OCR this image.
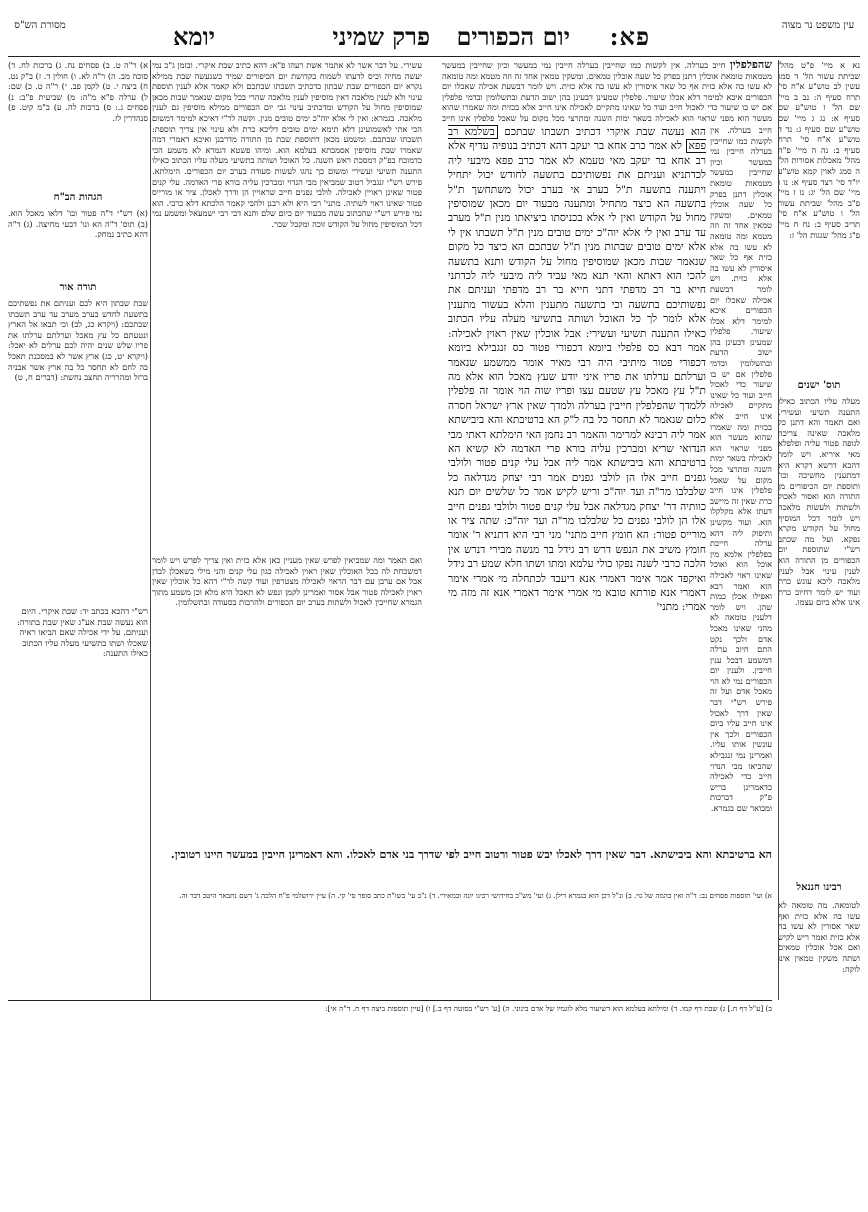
עין משפט נר מצוה
פא:
יום הכפורים
פרק שמיני
יומא
מסורת הש"ס

נא א מיי' פ"ט מהל' שביתת עשור הל' ד סמג עשין לב טוש"ע א"ח סי' תרח סעיף ה: נב ב מיי' שם הל' ז טוש"ע שם סעיף א: נג ג מיי' שם טוש"ע שם סעיף ג: נד ד טוש"ע א"ח סי' תרח סעיף ב: נה ה מיי' פ"ה מהל' מאכלות אסורות הל' ה סמג לאוין קמא טוש"ע יו"ד סי' רצד סעיף א: נו ו מיי' שם הל' יג: נז ז מיי' פ"ב מהל' שביתת עשור הל' ו טוש"ע א"ח סי' תריב סעיף ב: נח ח מיי' פ"ג מהל' שגגות הל' ז:

תוס' ישנים

מעלה עליו הכתוב כאילו התענה תשיעי ועשירי. ואם תאמר והא דתנן כל מלאכה שאינה צריכה לגופה פטור עליה ופלפלא מאי איריא. ויש לומר דהכא דרשא דקרא היא דמתענין מחשיכה וכו' ותוספת יום הכיפורים מן התורה הוא ואסור לאכול ולשתות ולעשות מלאכה ויש לומר דכל המוסיף מחול על הקודש מקרא נפקא. ועל מה שכתב רש"י שתוספת יום הכפורים מן התורה הוא לענין עינוי אבל לענין מלאכה ליכא עונש כרת ועוד יש לומר דחיוב כרת אינו אלא ביום עצמו.

רבינו חננאל

לטומאה. מה טומאה לא עשו בה אלא כזית ואף שאר אסורין לא עשו בה אלא כזית ואמר ריש לקיש ואם אכל אוכלין טמאים ושתה משקין טמאין אינו לוקה:

שהפלפלין חייב בערלה. אין לקשות כמו שחייבין בערלה חייבין נמי במעשר וכיון שחייבין במעשר מטמאות טומאת אוכלין דתנן בפרק כל שעה אוכלין טמאים. ומשקין טמאין אחד זה וזה מטמא ומה טומאה לא עשו בה אלא כזית אף כל שאר איסורין לא עשו בה אלא כזית. ויש לומר דבשעת אכילה שאכלו יום הכפורים איכא למימר דלא אכלו שיעור. פלפלין שמעינן דבעינן בהן ישוב הדעת ובתשלומין ובדמי פלפלין אם יש בו שיעור כדי לאכול חייב ועוד כל שאינו מתקיים לאכילה אינו חייב אלא בכזית ומה שאמרו שהוא מעשר הוא מפני שראוי הוא לאכילה בשאר ימות השנה ומתרצי מכל מקום על שאכל פלפלין אינו חייב

חייב בערלה. אין לקשות כמו שחייבין בערלה חייבין נמי במעשר וכיון שחייבין במעשר מטמאות טומאת אוכלין דתנן בפרק כל שעה אוכלין טמאים. ומשקין טמאין אחד זה וזה מטמא ומה טומאה לא עשו בה אלא כזית אף כל שאר איסורין לא עשו בה אלא כזית. ויש לומר דבשעת אכילה שאכלו יום הכפורים איכא למימר דלא אכלו שיעור. פלפלין שמעינן דבעינן בהן ישוב הדעת ובתשלומין ובדמי פלפלין אם יש בו שיעור כדי לאכול חייב ועוד כל שאינו מתקיים לאכילה אינו חייב אלא בכזית ומה שאמרו שהוא מעשר הוא מפני שראוי הוא לאכילה בשאר ימות השנה ומתרצי מכל מקום על שאכל פלפלין אינו חייב כרת שאין זה מיישב דעתו אלא מקלקלו הוא. ועוד מקשינן ותיפוק ליה דהא ערלה חייבת בפלפלין אלמא מין אוכל הוא ואוכל שאינו ראוי לאכילה הוא ואמר רבא ואפילו אכלן כמות שהן. ויש לומר דלענין טומאה לא מהני שאינו מאכל אדם ולכך נקט התם חיוב ערלה דמשמע דבכל ענין חייבין. ולענין יום הכפורים נמי לא הוי מאכל אדם ועל זה פירש רש"י דבר שאין דרך לאכול אינו חייב עליו ביום הכפורים ולכך אין עונשין אותו עליו. ואמרינן נמי זנגבילא שהביאו מבי הנדוי חייב כדי לאכילה כדאמרינן בריש פ"ק דברכות ומבואר שם בגמרא.

הוא נעשה שבת איקרי דכתיב תשבתו שבתכם בשלמא רב פפא לא אמר כרב אחא בר יעקב דהא דכתיב בנופיה עדיף אלא רב אחא בר יעקב מאי טעמא לא אמר כרב פפא מיבעי ליה לכדתניא ועניתם את נפשותיכם בתשעה לחודש יכול יתחיל ויתענה בתשעה ת"ל בערב אי בערב יכול משתחשך ת"ל בתשעה הא כיצד מתחיל ומתענה מבעוד יום מכאן שמוסיפין מחול על הקודש ואין לי אלא בכניסתו ביציאתו מנין ת"ל מערב עד ערב ואין לי אלא יוה"כ ימים טובים מנין ת"ל תשבתו אין לי אלא ימים טובים שבתות מנין ת"ל שבתכם הא כיצד כל מקום שנאמר שבות מכאן שמוסיפין מחול על הקודש ותנא בתשעה להכי הוא דאתא והאי תנא מאי עביד ליה מיבעי ליה לכדתני חייא בר רב מדפתי דתני חייא בר רב מדפתי ועניתם את נפשותיכם בתשעה וכי בתשעה מתענין והלא בעשור מתענין אלא לומר לך כל האוכל ושותה בתשיעי מעלה עליו הכתוב כאילו התענה תשיעי ועשירי: אבל אוכלין שאין ראוין לאכילה: אמר רבא כס פלפלי ביומא דכפורי פטור כס זנגבילא ביומא דכפורי פטור מיתיבי היה רבי מאיר אומר ממשמע שנאמר וערלתם ערלתו את פריו איני יודע שעץ מאכל הוא אלא מה ת"ל עץ מאכל עץ שטעם עצו ופריו שוה הוי אומר זה פלפלין ללמדך שהפלפלין חייבין בערלה ולמדך שאין ארץ ישראל חסרה כלום שנאמר לא תחסר כל בה ל"ק הא ברטיבתא והא ביבישתא אמר ליה רבינא למרימר והאמר רב נחמן האי הימלתא דאתי מבי הנדואי שריא ומברכין עליה בורא פרי האדמה לא קשיא הא ברטיבתא והא ביבישתא אמר ליה אבל עלי קנים פטור ולולבי גפנים חייב אלו הן לולבי גפנים אמר רבי יצחק מגדלאה כל שלבלבו מר"ה ועד יוה"כ וריש לקיש אמר כל שלשים יום תנא כוותיה דר' יצחק מגדלאה אבל עלי קנים פטור ולולבי גפנים חייב אלו הן לולבי גפנים כל שלבלבו מר"ה ועד יוה"כ: שתה ציר או מורייס פטור: הא חומץ חייב מתני' מני רבי היא דתניא ר' אומר חומץ משיב את הנפש דרש רב גידל בר מנשה מבירי דנרש אין הלכה כרבי לשנה נפקו כולי עלמא ומתו ושתו חלא שמע רב גידל ואיקפד אמר אימר דאמרי אנא דיעבד לכתחלה מי אמרי אימר דאמרי אנא פורתא טובא מי אמרי אימר דאמרי אנא זה מזה מי אמרי: מתני'

עשירי. על דבר אשר לא אתמר אשת רעהו פ"א: דהא כתיב שבת איקרי. ובזמן ג"כ נמי יעשה מחיה וכיס לדעתו לשמוח בקדושת יום הכיפורים שמיד כשנעשה שבת ממילא נקרא יום הכפורים שבת שבתון כדכתיב תשבתו שבתכם ולא קאמר אלא לענין תוספת עינוי ולא לענין מלאכה דאין מוסיפין לענין מלאכה שהרי בכל מקום שנאמר שבות מכאן שמוסיפין מחול על הקודש ומדכתיב עינוי גבי יום הכפורים ממילא מוסיפין גם לענין מלאכה. בגמרא: ואין לי אלא יוה"כ ימים טובים מנין. וקשה לר"י דאיכא למימר דמשום הכי אתי לאשמועינן דלא תימא ימים טובים דליכא כרת ולא עינוי אין צריך תוספת: תשבתו שבתכם. ומשמע מכאן דתוספת שבת מן התורה מדרבנן ואיכא דאמרי דמה שאמרו שבת מוסיפין אסמכתא בעלמא הוא. ומיהו פשטא דגמרא לא משמע הכי כדמוכח בפ"ק דמסכת ראש השנה. כל האוכל ושותה בתשיעי מעלה עליו הכתוב כאילו התענה תשיעי ועשירי ומשום כך נהגו לעשות סעודה בערב יום הכפורים. הימלתא. פירש רש"י זנגביל רטוב שמביאין מבי הנדוי ומברכין עליה בורא פרי האדמה. עלי קנים פטור שאינן ראויין לאכילה. לולבי גפנים חייב שראויין הן ודרך לאכלן. ציר או מורייס פטור שאינו ראוי לשתיה. מתני' רבי היא ולא רבנן ולהכי קאמר הלכתא דלא כרבי. הוא נמי פירש רש"י שהכתוב עשה מבעוד יום כיום שלם ותנא דבי רבי ישמעאל ומשמע נמי דכל המוסיפין מחול על הקודש זוכה ומקבל שכר.

ואם תאמר ומה שמביאין לפרש שאין מעניין כאן אלא כזית ואין צריך לפרש ויש לומר דמשכחת לה בכל האוכלין שאין ראוין לאכילה כגון עלי קנים והני מילי כשאכלן לבדן אבל אם ערבן עם דבר הראוי לאכילה מצטרפין ועוד קשה לר"י דהא כל אוכלין שאין ראוין לאכילה פטור אבל אסור ואמרינן לקמן ונפש לא תאכל היא מלא וכן משמע מתוך הגמרא שחייבין לאכול ולשתות בערב יום הכפורים ולהרבות בסעודה ובתשלומין.

א) ר"ה ט. ב) פסחים נח. ג) ברכות לח. ד) סוכה מב. ה) ר"ה לא. ו) חולין ד. ז) ב"ק נט. ח) ביצה י. ט) לקמן פב. י) ר"ה ט. כ) שם: ל) ערלה פ"א מ"ה: מ) שביעית פ"ב: נ) פסחים ג.: ס) ברכות לה. ע) ב"מ קיט. פ) סנהדרין לז.

הגהות הב"ח

(א) רש"י ד"ה פטור ובו' דלאו מאכל הוא. (ב) תוס' ד"ה הא ונו' דבעי מחיצה. (ג) ד"ה דהא כתיב נמחק.

תורה אור

שבת שבתון היא לכם ועניתם את נפשתיכם בתשעה לחדש בערב מערב עד ערב תשבתו שבתכם: (ויקרא כג, לב) וכי תבאו אל הארץ ונטעתם כל עץ מאכל וערלתם ערלתו את פריו שלש שנים יהיה לכם ערלים לא יאכל: (ויקרא יט, כג) ארץ אשר לא במסכנת תאכל בה לחם לא תחסר כל בה ארץ אשר אבניה ברזל ומהרריה תחצב נחשת: (דברים ח, ט)

רש"י דהכא בכתב יד: שבת איקרי. היום הוא נעשה שבת אע"ג שאין שבת בתורה: ועניתם. על ידי אכילה שאם הביאו ראיה שאכלו ושתו בתשיעי מעלה עליו הכתוב כאילו התענה:

הא ברטיבתא והא ביבישתא. דבר שאין דרך לאכלו יבש פטור ורטוב חייב לפי שדרך בני אדם לאכלו. והא דאמרינן חייבין במעשר היינו רטובין.

א) ועי' תוספות פסחים נב: ד"ה ואין בהמה של גוי. ב) ונ"ל דכן הוא בגמרא דילן. ג) ועי' מש"כ בחידושי רבינו יונה ובמאירי. ד) נ"ב עי' בשו"ת כתב סופר סי' קי. ה) עיין ירושלמי פ"ח הלכה ג' דשם נתבאר היטב דבר זה.

ב) [ע"ל דף ח.] ג) שבת דף קמו. ד) ומילתא בעלמא הוא דשיעור מלא לוגמיו של אדם בינוני. ה) [ע' רש"י בסוטה דף ב.] ו) [עיין תוספות ביצה דף ח. ד"ה אי]:
